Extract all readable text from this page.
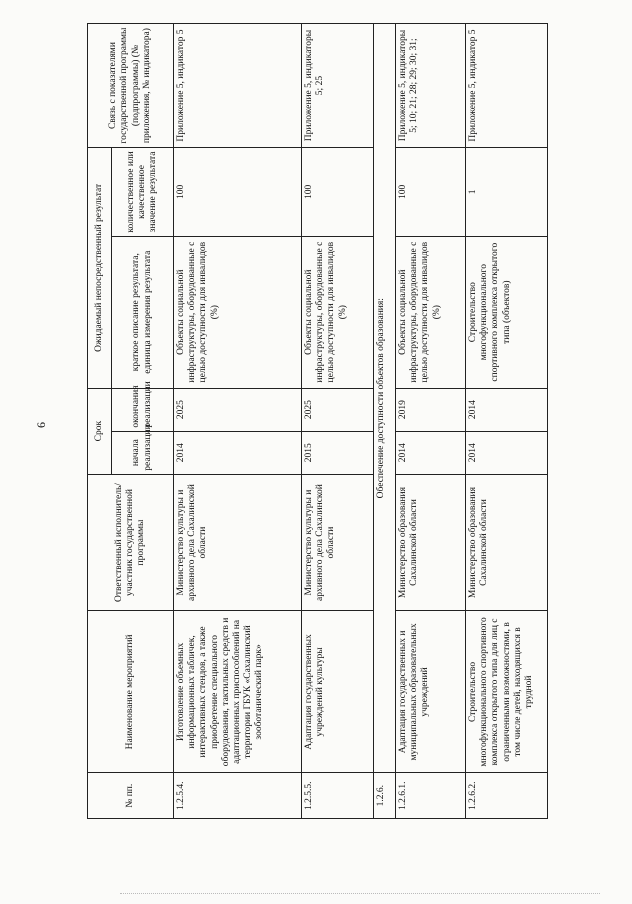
6
№ пп.	Наименование мероприятий	Ответственный исполнитель/участник государственной программы	Срок		Ожидаемый непосредственный результат		Связь с показателями государственной программы (подпрограммы) (№ приложения, № индикатора)
			начала реализации	окончания реализации	краткое описание результата, единица измерения результата	количественное или качественное значение результата	
1.2.5.4.	Изготовление объемных информационных табличек, интерактивных стендов, а также приобретение специального оборудования, тактильных средств и адаптационных приспособлений на территории ГБУК «Сахалинский зооботанический парк»	Министерство культуры и архивного дела Сахалинской области	2014	2025	Объекты социальной инфраструктуры, оборудованные с целью доступности для инвалидов (%)	100	Приложение 5, индикатор 5
1.2.5.5.	Адаптация государственных учреждений культуры	Министерство культуры и архивного дела Сахалинской области	2015	2025	Объекты социальной инфраструктуры, оборудованные с целью доступности для инвалидов (%)	100	Приложение 5, индикаторы 5; 25
1.2.6.	Обеспечение доступности объектов образования:						
1.2.6.1.	Адаптация государственных и муниципальных образовательных учреждений	Министерство образования Сахалинской области	2014	2019	Объекты социальной инфраструктуры, оборудованные с целью доступности для инвалидов (%)	100	Приложение 5, индикаторы 5; 10; 21; 28; 29; 30; 31;
1.2.6.2.	Строительство многофункционального спортивного комплекса открытого типа для лиц с ограниченными возможностями, в том числе детей, находящихся в трудной	Министерство образования Сахалинской области	2014	2014	Строительство многофункционального спортивного комплекса открытого типа (объектов)	1	Приложение 5, индикатор 5
